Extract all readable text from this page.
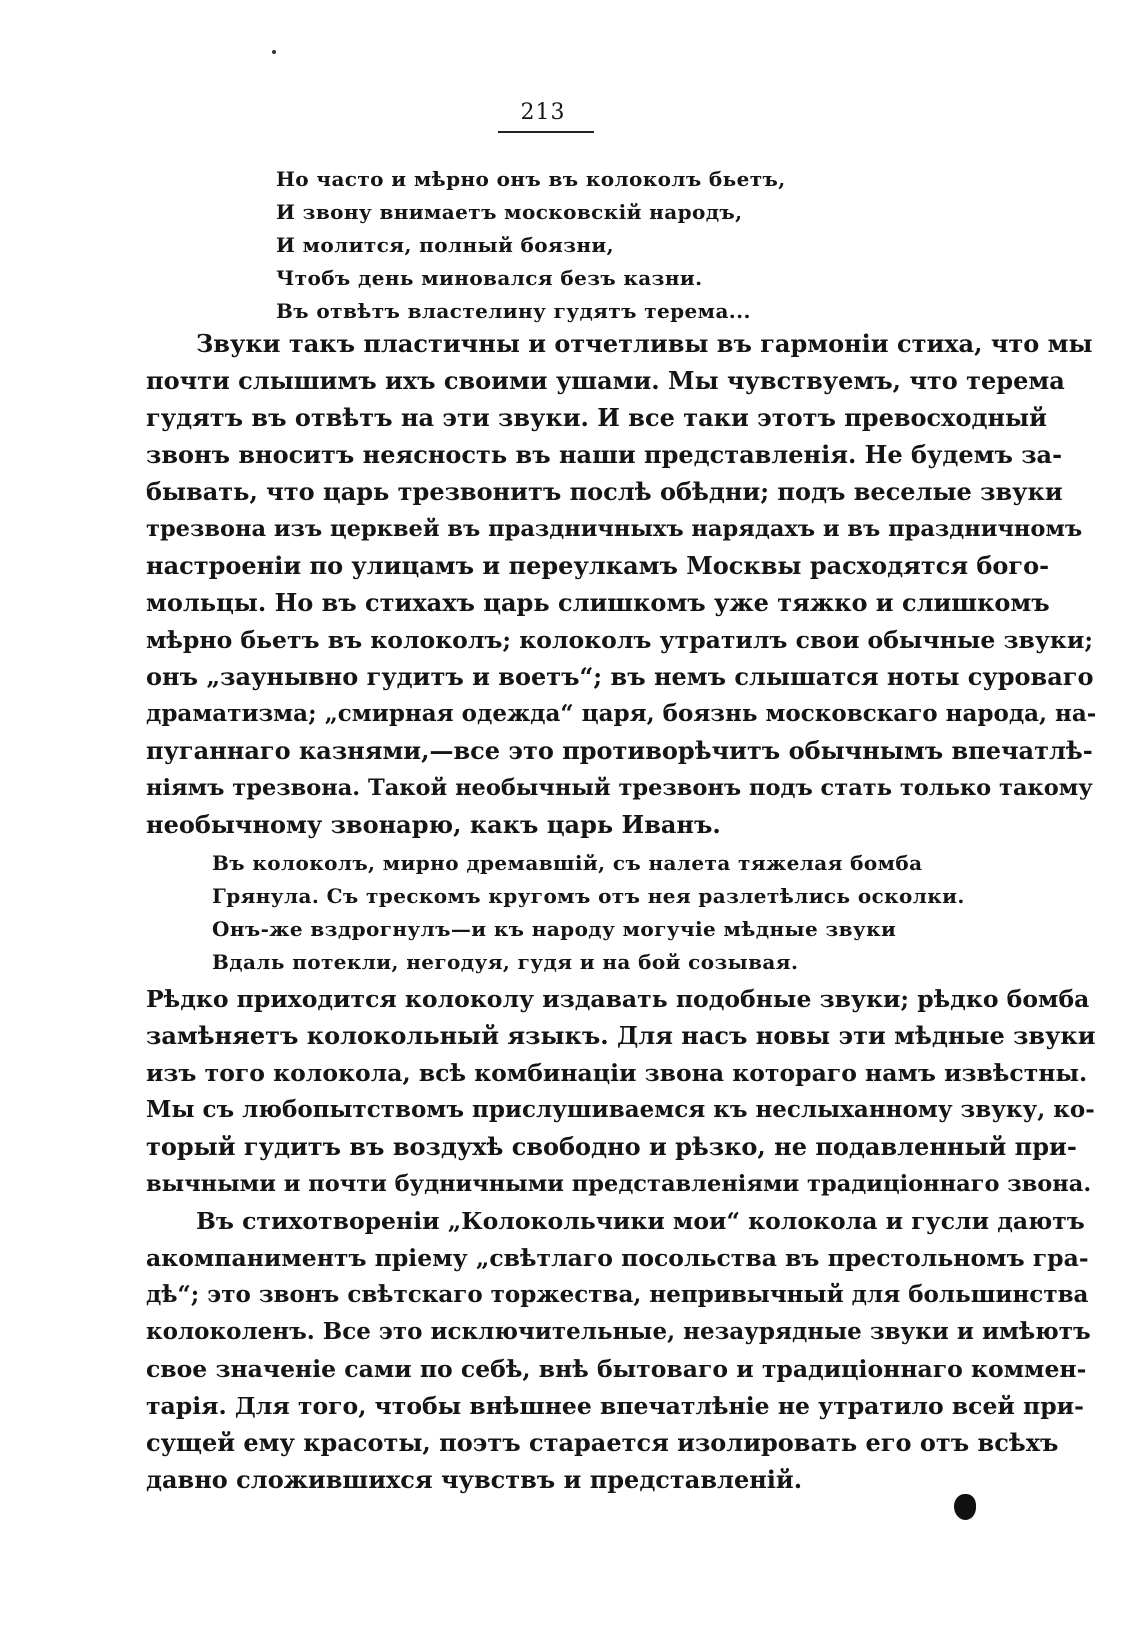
213
Но часто и мѣрно онъ въ колоколъ бьетъ,
И звону внимаетъ московскій народъ,
И молится, полный боязни,
Чтобъ день миновался безъ казни.
Въ отвѣтъ властелину гудятъ терема...
Звуки такъ пластичны и отчетливы въ гармоніи стиха, что мы
почти слышимъ ихъ своими ушами. Мы чувствуемъ, что терема
гудятъ въ отвѣтъ на эти звуки. И все таки этотъ превосходный
звонъ вноситъ неясность въ наши представленія. Не будемъ за-
бывать, что царь трезвонитъ послѣ обѣдни; подъ веселые звуки
трезвона изъ церквей въ праздничныхъ нарядахъ и въ праздничномъ
настроеніи по улицамъ и переулкамъ Москвы расходятся бого-
мольцы. Но въ стихахъ царь слишкомъ уже тяжко и слишкомъ
мѣрно бьетъ въ колоколъ; колоколъ утратилъ свои обычные звуки;
онъ „заунывно гудитъ и воетъ“; въ немъ слышатся ноты суроваго
драматизма; „смирная одежда“ царя, боязнь московскаго народа, на-
пуганнаго казнями,—все это противорѣчитъ обычнымъ впечатлѣ-
ніямъ трезвона. Такой необычный трезвонъ подъ стать только такому
необычному звонарю, какъ царь Иванъ.
Въ колоколъ, мирно дремавшій, съ налета тяжелая бомба
Грянула. Съ трескомъ кругомъ отъ нея разлетѣлись осколки.
Онъ-же вздрогнулъ—и къ народу могучіе мѣдные звуки
Вдаль потекли, негодуя, гудя и на бой созывая.
Рѣдко приходится колоколу издавать подобные звуки; рѣдко бомба
замѣняетъ колокольный языкъ. Для насъ новы эти мѣдные звуки
изъ того колокола, всѣ комбинаціи звона котораго намъ извѣстны.
Мы съ любопытствомъ прислушиваемся къ неслыханному звуку, ко-
торый гудитъ въ воздухѣ свободно и рѣзко, не подавленный при-
вычными и почти будничными представленіями традиціоннаго звона.
Въ стихотвореніи „Колокольчики мои“ колокола и гусли даютъ
акомпаниментъ пріему „свѣтлаго посольства въ престольномъ гра-
дѣ“; это звонъ свѣтскаго торжества, непривычный для большинства
колоколенъ. Все это исключительные, незаурядные звуки и имѣютъ
свое значеніе сами по себѣ, внѣ бытоваго и традиціоннаго коммен-
тарія. Для того, чтобы внѣшнее впечатлѣніе не утратило всей при-
сущей ему красоты, поэтъ старается изолировать его отъ всѣхъ
давно сложившихся чувствъ и представленій.
